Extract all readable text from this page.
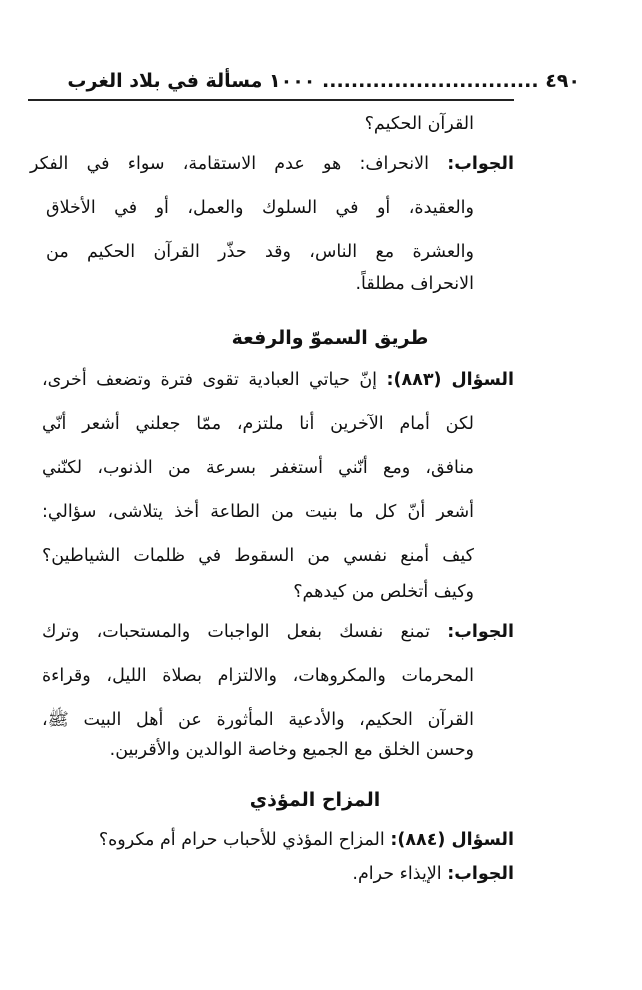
٤٩٠ .............................. ١٠٠٠ مسألة في بلاد الغرب
القرآن الحكيم؟
الجواب: الانحراف: هو عدم الاستقامة، سواء في الفكر
والعقيدة، أو في السلوك والعمل، أو في الأخلاق
والعشرة مع الناس، وقد حذّر القرآن الحكيم من
الانحراف مطلقاً.
طريق السموّ والرفعة
السؤال (٨٨٣): إنّ حياتي العبادية تقوى فترة وتضعف أخرى،
لكن أمام الآخرين أنا ملتزم، ممّا جعلني أشعر أنّي
منافق، ومع أنّني أستغفر بسرعة من الذنوب، لكنّني
أشعر أنّ كل ما بنيت من الطاعة أخذ يتلاشى، سؤالي:
كيف أمنع نفسي من السقوط في ظلمات الشياطين؟
وكيف أتخلص من كيدهم؟
الجواب: تمنع نفسك بفعل الواجبات والمستحبات، وترك
المحرمات والمكروهات، والالتزام بصلاة الليل، وقراءة
القرآن الحكيم، والأدعية المأثورة عن أهل البيت ﷺ،
وحسن الخلق مع الجميع وخاصة الوالدين والأقربين.
المزاح المؤذي
السؤال (٨٨٤): المزاح المؤذي للأحباب حرام أم مكروه؟
الجواب: الإيذاء حرام.
